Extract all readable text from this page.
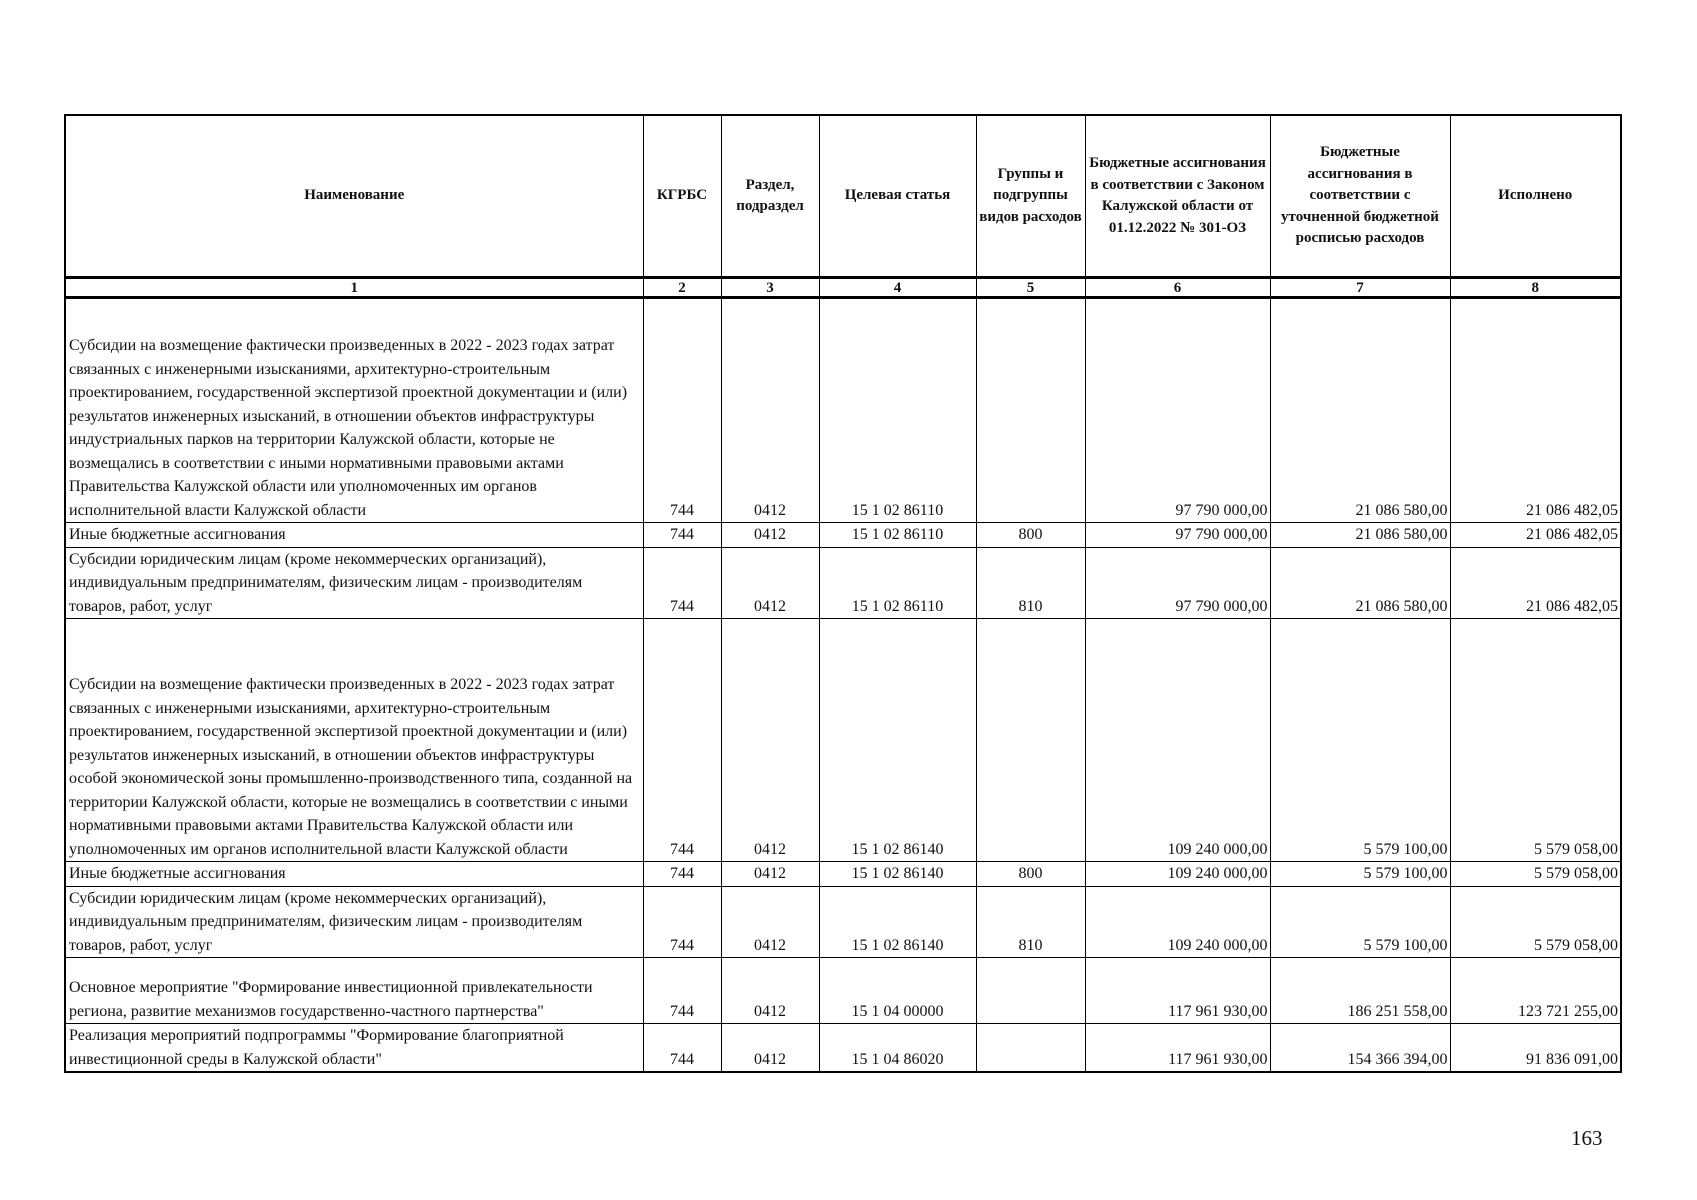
Наименование	КГРБС	Раздел, подраздел	Целевая статья	Группы и подгруппы видов расходов	Бюджетные ассигнования в соответствии с Законом Калужской области от 01.12.2022 № 301-ОЗ	Бюджетные ассигнования в соответствии с уточненной бюджетной росписью расходов	Исполнено
1	2	3	4	5	6	7	8
Субсидии на возмещение фактически произведенных в 2022 - 2023 годах затрат связанных с инженерными изысканиями, архитектурно-строительным проектированием, государственной экспертизой проектной документации и (или) результатов инженерных изысканий, в отношении объектов инфраструктуры индустриальных парков на территории Калужской области, которые не возмещались в соответствии с иными нормативными правовыми актами Правительства Калужской области или уполномоченных им органов исполнительной власти Калужской области	744	0412	15 1 02 86110		97 790 000,00	21 086 580,00	21 086 482,05
Иные бюджетные ассигнования	744	0412	15 1 02 86110	800	97 790 000,00	21 086 580,00	21 086 482,05
Субсидии юридическим лицам (кроме некоммерческих организаций), индивидуальным предпринимателям, физическим лицам - производителям товаров, работ, услуг	744	0412	15 1 02 86110	810	97 790 000,00	21 086 580,00	21 086 482,05
Субсидии на возмещение фактически произведенных в 2022 - 2023 годах затрат связанных с инженерными изысканиями, архитектурно-строительным проектированием, государственной экспертизой проектной документации и (или) результатов инженерных изысканий, в отношении объектов инфраструктуры особой экономической зоны промышленно-производственного типа, созданной на территории Калужской области, которые не возмещались в соответствии с иными нормативными правовыми актами Правительства Калужской области или уполномоченных им органов исполнительной власти Калужской области	744	0412	15 1 02 86140		109 240 000,00	5 579 100,00	5 579 058,00
Иные бюджетные ассигнования	744	0412	15 1 02 86140	800	109 240 000,00	5 579 100,00	5 579 058,00
Субсидии юридическим лицам (кроме некоммерческих организаций), индивидуальным предпринимателям, физическим лицам - производителям товаров, работ, услуг	744	0412	15 1 02 86140	810	109 240 000,00	5 579 100,00	5 579 058,00
Основное мероприятие "Формирование инвестиционной привлекательности региона, развитие механизмов государственно-частного партнерства"	744	0412	15 1 04 00000		117 961 930,00	186 251 558,00	123 721 255,00
Реализация мероприятий подпрограммы "Формирование благоприятной инвестиционной среды в Калужской области"	744	0412	15 1 04 86020		117 961 930,00	154 366 394,00	91 836 091,00
163
